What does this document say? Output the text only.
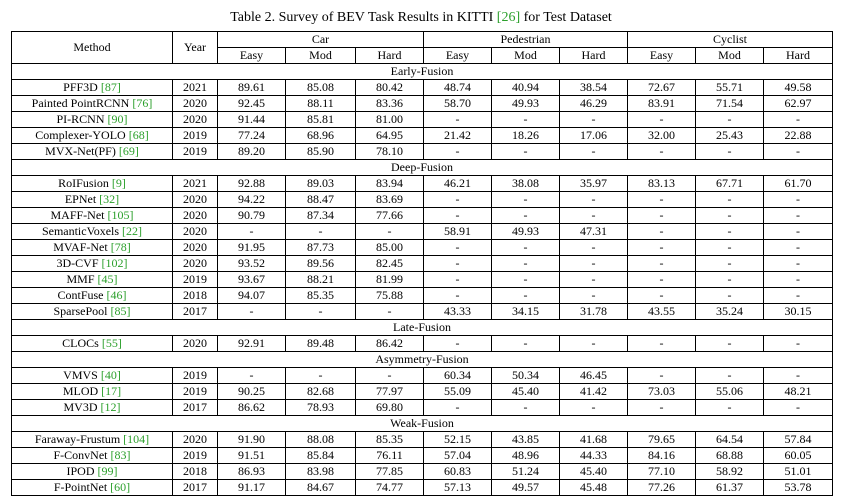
Table 2. Survey of BEV Task Results in KITTI [26] for Test Dataset
Method	Year	Car			Pedestrian			Cyclist		
		Easy	Mod	Hard	Easy	Mod	Hard	Easy	Mod	Hard
Early-Fusion										
PFF3D [87]	2021	89.61	85.08	80.42	48.74	40.94	38.54	72.67	55.71	49.58
Painted PointRCNN [76]	2020	92.45	88.11	83.36	58.70	49.93	46.29	83.91	71.54	62.97
PI-RCNN [90]	2020	91.44	85.81	81.00	-	-	-	-	-	-
Complexer-YOLO [68]	2019	77.24	68.96	64.95	21.42	18.26	17.06	32.00	25.43	22.88
MVX-Net(PF) [69]	2019	89.20	85.90	78.10	-	-	-	-	-	-
Deep-Fusion										
RoIFusion [9]	2021	92.88	89.03	83.94	46.21	38.08	35.97	83.13	67.71	61.70
EPNet [32]	2020	94.22	88.47	83.69	-	-	-	-	-	-
MAFF-Net [105]	2020	90.79	87.34	77.66	-	-	-	-	-	-
SemanticVoxels [22]	2020	-	-	-	58.91	49.93	47.31	-	-	-
MVAF-Net [78]	2020	91.95	87.73	85.00	-	-	-	-	-	-
3D-CVF [102]	2020	93.52	89.56	82.45	-	-	-	-	-	-
MMF [45]	2019	93.67	88.21	81.99	-	-	-	-	-	-
ContFuse [46]	2018	94.07	85.35	75.88	-	-	-	-	-	-
SparsePool [85]	2017	-	-	-	43.33	34.15	31.78	43.55	35.24	30.15
Late-Fusion										
CLOCs [55]	2020	92.91	89.48	86.42	-	-	-	-	-	-
Asymmetry-Fusion										
VMVS [40]	2019	-	-	-	60.34	50.34	46.45	-	-	-
MLOD [17]	2019	90.25	82.68	77.97	55.09	45.40	41.42	73.03	55.06	48.21
MV3D [12]	2017	86.62	78.93	69.80	-	-	-	-	-	-
Weak-Fusion										
Faraway-Frustum [104]	2020	91.90	88.08	85.35	52.15	43.85	41.68	79.65	64.54	57.84
F-ConvNet [83]	2019	91.51	85.84	76.11	57.04	48.96	44.33	84.16	68.88	60.05
IPOD [99]	2018	86.93	83.98	77.85	60.83	51.24	45.40	77.10	58.92	51.01
F-PointNet [60]	2017	91.17	84.67	74.77	57.13	49.57	45.48	77.26	61.37	53.78
